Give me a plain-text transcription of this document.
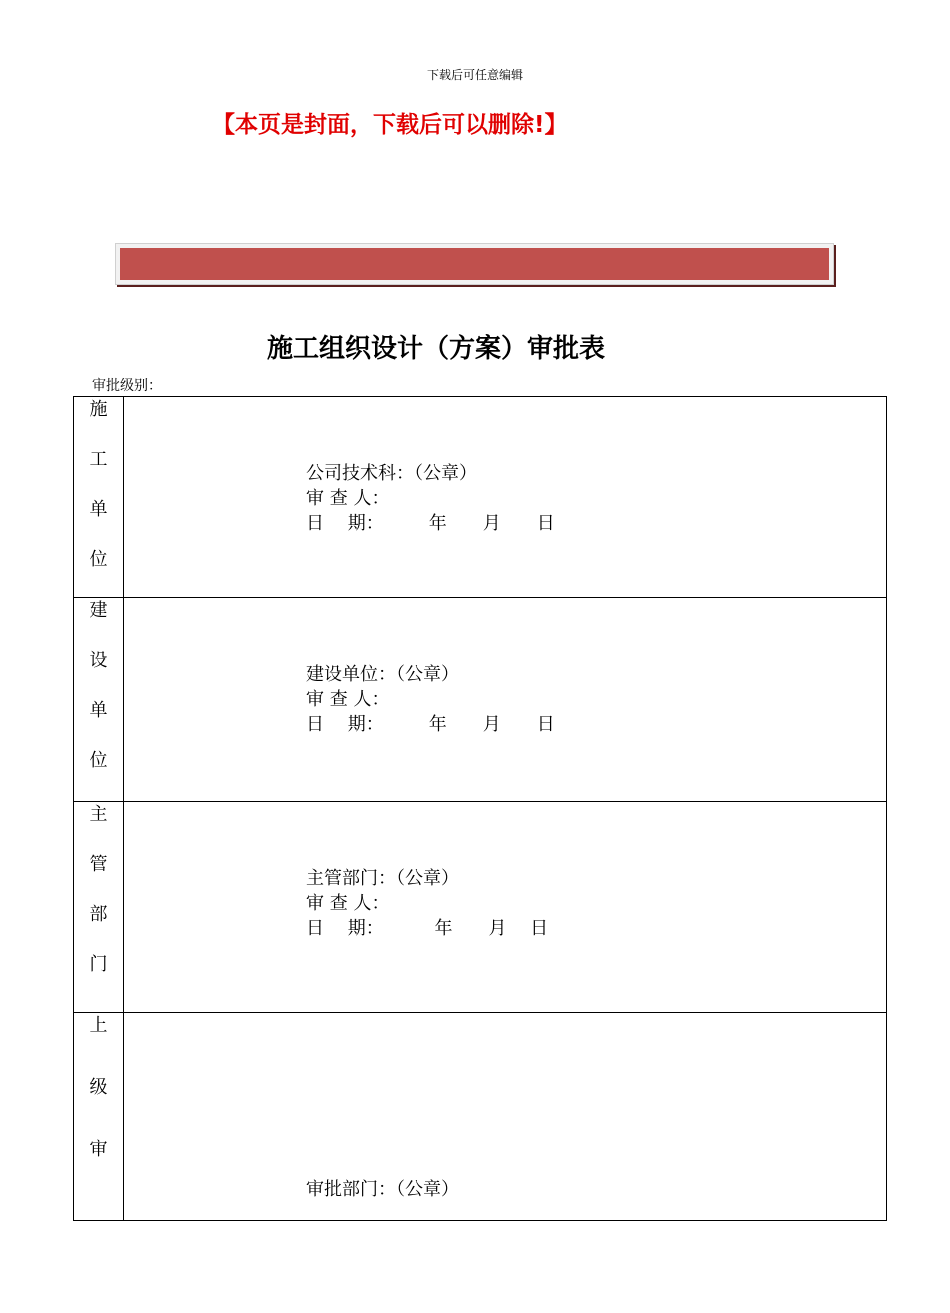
下载后可任意编辑
【本页是封面，下载后可以删除!】
施工组织设计（方案）审批表
审批级别：
施
工
单
位	公司技术科：（公章）
审 查 人：
日　 期：　　　年　　月　　日

建
设
单
位	建设单位：（公章）
审 查 人：
日　 期：　　　年　　月　　日

主
管
部
门	主管部门：（公章）
审 查 人：
日　 期：　　　 年　　月　 日

上
级
审	审批部门：（公章）
